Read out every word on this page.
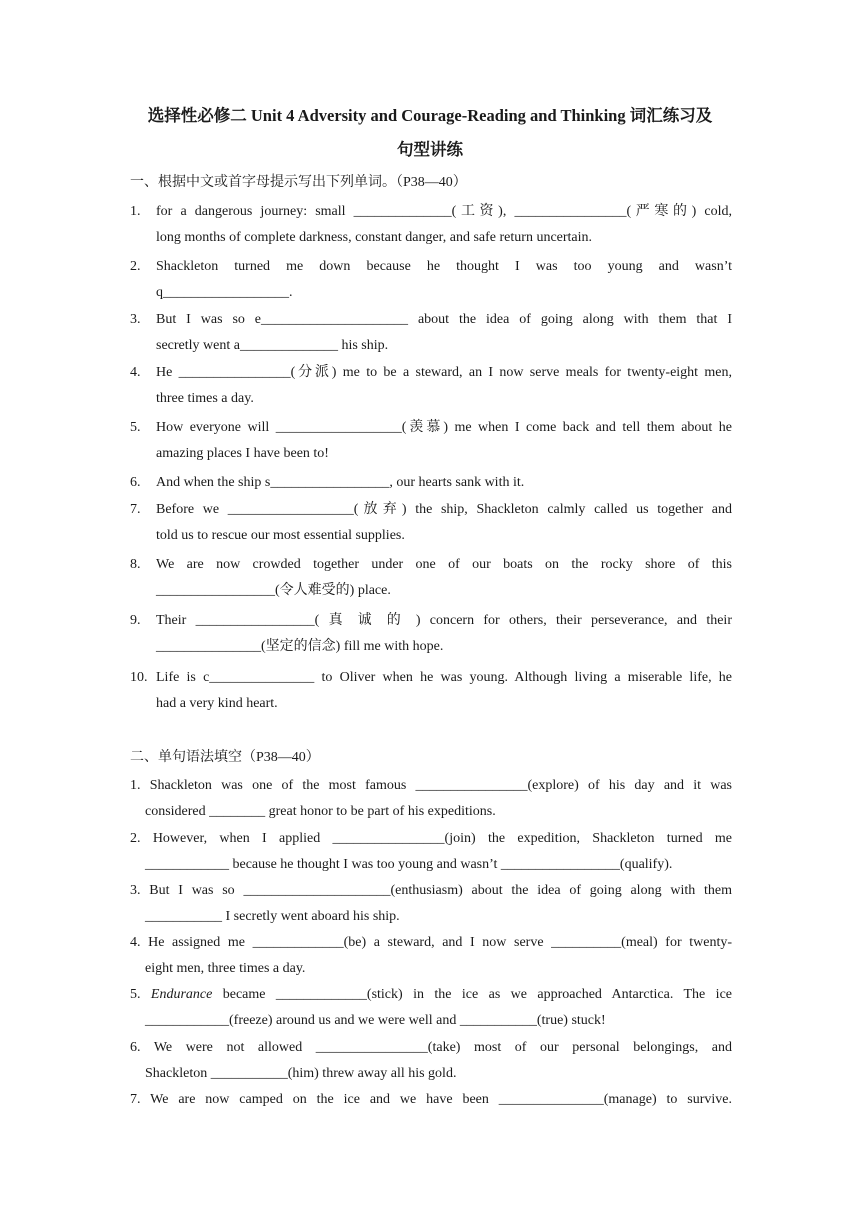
选择性必修二 Unit 4 Adversity and Courage-Reading and Thinking 词汇练习及
句型讲练
一、根据中文或首字母提示写出下列单词。（P38—40）
1. for a dangerous journey: small ______________(工资), ________________(严寒的) cold,
long months of complete darkness, constant danger, and safe return uncertain.
2. Shackleton turned me down because he thought I was too young and wasn’t
q__________________.
3. But I was so e_____________________ about the idea of going along with them that I
secretly went a______________ his ship.
4. He ________________(分派) me to be a steward, an I now serve meals for twenty-eight men,
three times a day.
5. How everyone will __________________(羡慕) me when I come back and tell them about he
amazing places I have been to!
6. And when the ship s_________________, our hearts sank with it.
7. Before we __________________(放弃) the ship, Shackleton calmly called us together and
told us to rescue our most essential supplies.
8. We are now crowded together under one of our boats on the rocky shore of this
_________________(令人难受的) place.
9. Their _________________( 真 诚 的 ) concern for others, their perseverance, and their
_______________(坚定的信念) fill me with hope.
10. Life is c_______________ to Oliver when he was young. Although living a miserable life, he
had a very kind heart.
二、单句语法填空（P38—40）
1. Shackleton was one of the most famous ________________(explore) of his day and it was
considered ________ great honor to be part of his expeditions.
2. However, when I applied ________________(join) the expedition, Shackleton turned me
____________ because he thought I was too young and wasn’t _________________(qualify).
3. But I was so _____________________(enthusiasm) about the idea of going along with them
___________ I secretly went aboard his ship.
4. He assigned me _____________(be) a steward, and I now serve __________(meal) for twenty-
eight men, three times a day.
5. Endurance became _____________(stick) in the ice as we approached Antarctica. The ice
____________(freeze) around us and we were well and ___________(true) stuck!
6. We were not allowed ________________(take) most of our personal belongings, and
Shackleton ___________(him) threw away all his gold.
7. We are now camped on the ice and we have been _______________(manage) to survive.
